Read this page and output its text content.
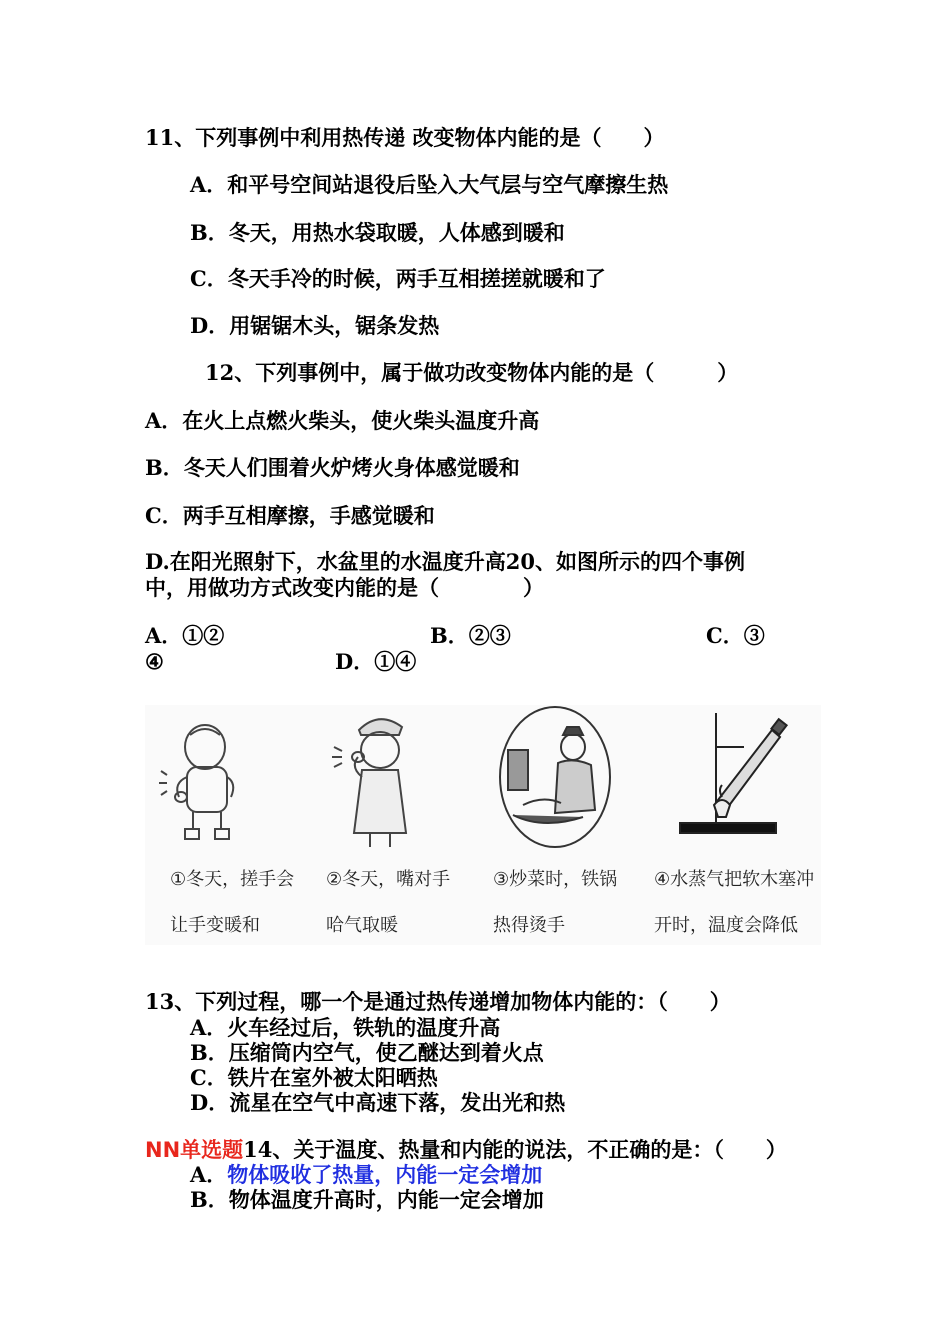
11、下列事例中利用热传递 改变物体内能的是（　　）
A．和平号空间站退役后坠入大气层与空气摩擦生热
B．冬天，用热水袋取暖，人体感到暖和
C．冬天手冷的时候，两手互相搓搓就暖和了
D．用锯锯木头，锯条发热
12、下列事例中，属于做功改变物体内能的是（　　　）
A．在火上点燃火柴头，使火柴头温度升高
B．冬天人们围着火炉烤火身体感觉暖和
C．两手互相摩擦，手感觉暖和
D.在阳光照射下，水盆里的水温度升高20、如图所示的四个事例
中，用做功方式改变内能的是（　　　　）
A．①②	B．②③	C．③
④	D．①④
①冬天，搓手会
让手变暖和
②冬天，嘴对手
哈气取暖
③炒菜时，铁锅
热得烫手
④水蒸气把软木塞冲
开时，温度会降低
13、下列过程，哪一个是通过热传递增加物体内能的：（　　）
A．火车经过后，铁轨的温度升高
B．压缩筒内空气，使乙醚达到着火点
C．铁片在室外被太阳晒热
D．流星在空气中高速下落，发出光和热
NN单选题14、关于温度、热量和内能的说法，不正确的是：（　　）
A．物体吸收了热量，内能一定会增加
B．物体温度升高时，内能一定会增加
